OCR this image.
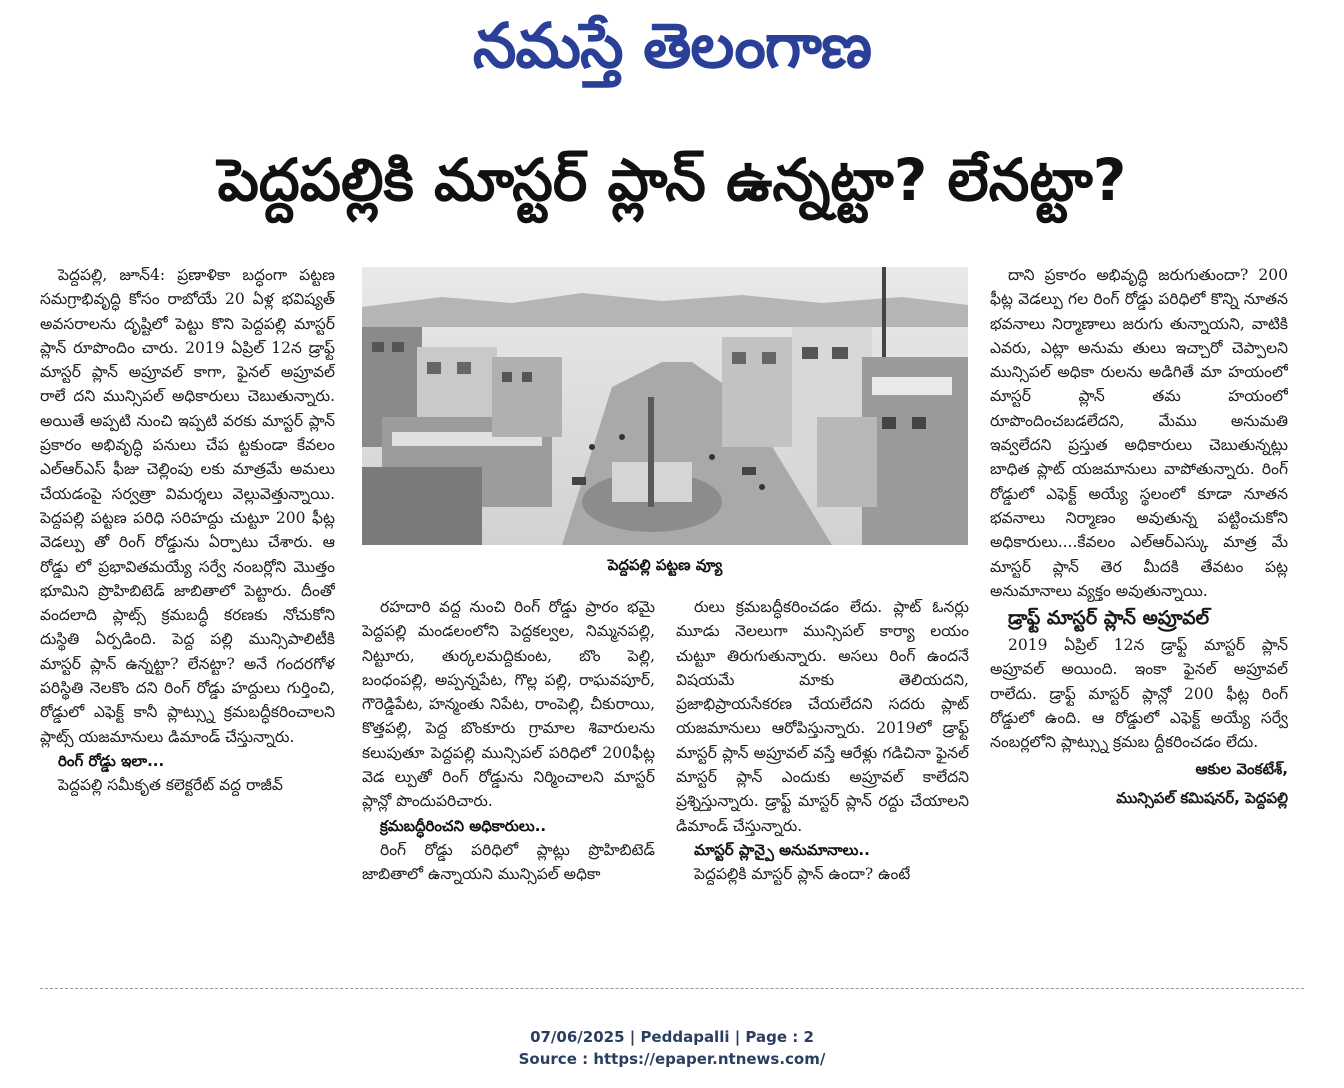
నమస్తే తెలంగాణ
పెద్దపల్లికి మాస్టర్ ప్లాన్ ఉన్నట్టా? లేనట్టా?

పెద్దపల్లి, జూన్4: ప్రణాళికా బద్ధంగా పట్టణ సమగ్రాభివృద్ధి కోసం రాబోయే 20 ఏళ్ల భవిష్యత్ అవసరాలను దృష్టిలో పెట్టు కొని పెద్దపల్లి మాస్టర్ ప్లాన్ రూపొందిం చారు. 2019 ఏప్రిల్ 12న డ్రాఫ్ట్ మాస్టర్ ప్లాన్ అప్రూవల్ కాగా, ఫైనల్ అప్రూవల్ రాలే దని మున్సిపల్ అధికారులు చెబుతున్నారు. అయితే అప్పటి నుంచి ఇప్పటి వరకు మాస్టర్ ప్లాన్ ప్రకారం అభివృద్ధి పనులు చేప ట్టకుండా కేవలం ఎల్ఆర్ఎస్ ఫీజు చెల్లింపు లకు మాత్రమే అమలు చేయడంపై సర్వత్రా విమర్శలు వెల్లువెత్తున్నాయి. పెద్దపల్లి పట్టణ పరిధి సరిహద్దు చుట్టూ 200 ఫీట్ల వెడల్పు తో రింగ్ రోడ్డును ఏర్పాటు చేశారు. ఆ రోడ్డు లో ప్రభావితమయ్యే సర్వే నంబర్లోని మొత్తం భూమిని ప్రొహిబిటెడ్ జాబితాలో పెట్టారు. దీంతో వందలాది ప్లాట్స్ క్రమబద్ధీ కరణకు నోచుకోని దుస్థితి ఏర్పడింది. పెద్ద పల్లి మున్సిపాలిటీకి మాస్టర్ ప్లాన్ ఉన్నట్టా? లేనట్టా? అనే గందరగోళ పరిస్థితి నెలకొం దని రింగ్ రోడ్డు హద్దులు గుర్తించి, రోడ్డులో ఎఫెక్ట్ కానీ ప్లాట్స్ను క్రమబద్ధీకరించాలని ప్లాట్స్ యజమానులు డిమాండ్ చేస్తున్నారు.

రింగ్ రోడ్డు ఇలా...

పెద్దపల్లి సమీకృత కలెక్టరేట్ వద్ద రాజీవ్

పెద్దపల్లి పట్టణ వ్యూ

రహదారి వద్ద నుంచి రింగ్ రోడ్డు ప్రారం భమై పెద్దపల్లి మండలంలోని పెద్దకల్వల, నిమ్మనపల్లి, నిట్టూరు, తుర్కలమద్దికుంట, బొం పెల్లి, బంధంపల్లి, అప్పన్నపేట, గొల్ల పల్లి, రాఘవపూర్, గౌరెడ్డిపేట, హన్మంతు నిపేట, రాంపెల్లి, చీకురాయి, కొత్తపల్లి, పెద్ద బొంకూరు గ్రామాల శివారులను కలుపుతూ పెద్దపల్లి మున్సిపల్ పరిధిలో 200ఫీట్ల వెడ ల్పుతో రింగ్ రోడ్డును నిర్మించాలని మాస్టర్ ప్లాన్లో పొందుపరిచారు.

క్రమబద్ధీరించని అధికారులు..

రింగ్ రోడ్డు పరిధిలో ప్లాట్లు ప్రొహిబిటెడ్ జాబితాలో ఉన్నాయని మున్సిపల్ అధికా

రులు క్రమబద్ధీకరించడం లేదు. ప్లాట్ ఓనర్లు మూడు నెలలుగా మున్సిపల్ కార్యా లయం చుట్టూ తిరుగుతున్నారు. అసలు రింగ్ ఉందనే విషయమే మాకు తెలియదని, ప్రజాభిప్రాయసేకరణ చేయలేదని సదరు ప్లాట్ యజమానులు ఆరోపిస్తున్నారు. 2019లో డ్రాఫ్ట్ మాస్టర్ ప్లాన్ అప్రూవల్ వస్తే ఆరేళ్లు గడిచినా ఫైనల్ మాస్టర్ ప్లాన్ ఎందుకు అప్రూవల్ కాలేదని ప్రశ్నిస్తున్నారు. డ్రాఫ్ట్ మాస్టర్ ప్లాన్ రద్దు చేయాలని డిమాండ్ చేస్తున్నారు.

మాస్టర్ ప్లాన్పై అనుమానాలు..

పెద్దపల్లికి మాస్టర్ ప్లాన్ ఉందా? ఉంటే

దాని ప్రకారం అభివృద్ధి జరుగుతుందా? 200 ఫీట్ల వెడల్పు గల రింగ్ రోడ్డు పరిధిలో కొన్ని నూతన భవనాలు నిర్మాణాలు జరుగు తున్నాయని, వాటికి ఎవరు, ఎట్లా అనుమ తులు ఇచ్చారో చెప్పాలని మున్సిపల్ అధికా రులను అడిగితే మా హయంలో మాస్టర్ ప్లాన్ తమ హయంలో రూపొందించబడలేదని, మేము అనుమతి ఇవ్వలేదని ప్రస్తుత అధికారులు చెబుతున్నట్లు బాధిత ప్లాట్ యజమానులు వాపోతున్నారు. రింగ్ రోడ్డులో ఎఫెక్ట్ అయ్యే స్థలంలో కూడా నూతన భవనాలు నిర్మాణం అవుతున్న పట్టించుకోని అధికారులు....కేవలం ఎల్ఆర్ఎస్కు మాత్ర మే మాస్టర్ ప్లాన్ తెర మీదకి తేవటం పట్ల అనుమానాలు వ్యక్తం అవుతున్నాయి.

డ్రాఫ్ట్ మాస్టర్ ప్లాన్ అప్రూవల్

2019 ఏప్రిల్ 12న డ్రాఫ్ట్ మాస్టర్ ప్లాన్ అప్రూవల్ అయింది. ఇంకా ఫైనల్ అప్రూవల్ రాలేదు. డ్రాఫ్ట్ మాస్టర్ ప్లాన్లో 200 ఫీట్ల రింగ్ రోడ్డులో ఉంది. ఆ రోడ్డులో ఎఫెక్ట్ అయ్యే సర్వే నంబర్లలోని ప్లాట్స్ను క్రమబ ద్దీకరించడం లేదు.

ఆకుల వెంకటేశ్,

మున్సిపల్ కమిషనర్, పెద్దపల్లి

07/06/2025 | Peddapalli | Page : 2
Source : https://epaper.ntnews.com/
